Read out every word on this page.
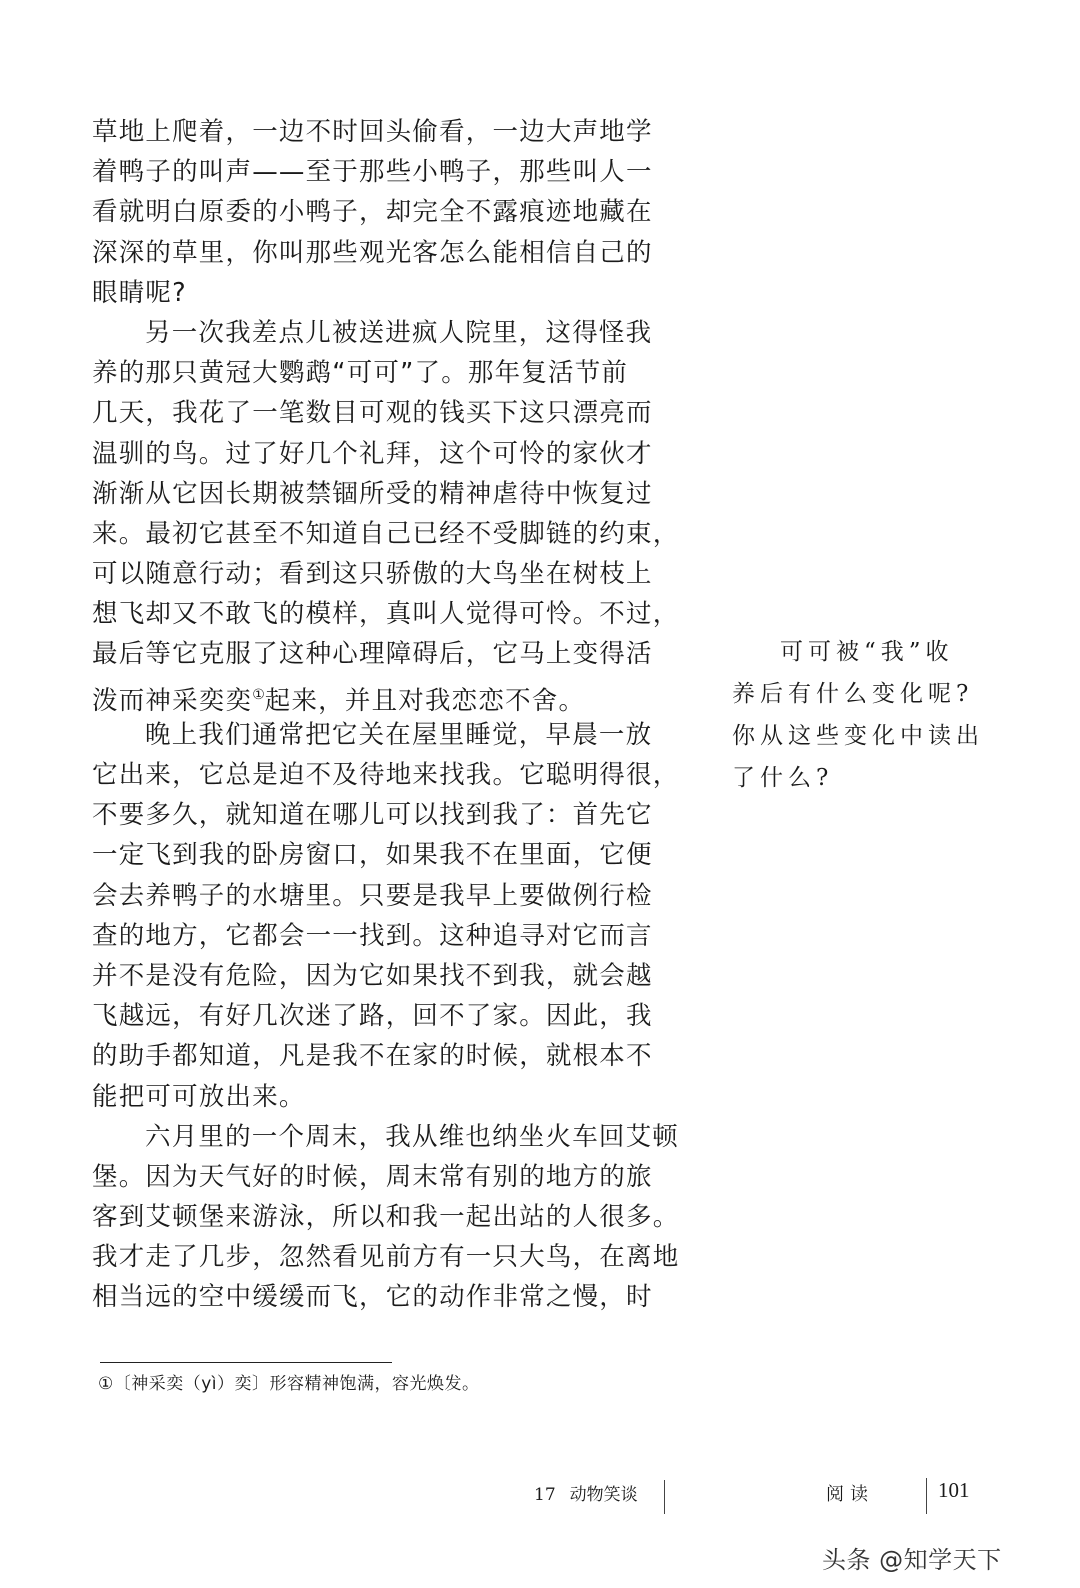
草地上爬着，一边不时回头偷看，一边大声地学
着鸭子的叫声——至于那些小鸭子，那些叫人一
看就明白原委的小鸭子，却完全不露痕迹地藏在
深深的草里，你叫那些观光客怎么能相信自己的
眼睛呢?
另一次我差点儿被送进疯人院里，这得怪我
养的那只黄冠大鹦鹉“可可”了。那年复活节前
几天，我花了一笔数目可观的钱买下这只漂亮而
温驯的鸟。过了好几个礼拜，这个可怜的家伙才
渐渐从它因长期被禁锢所受的精神虐待中恢复过
来。最初它甚至不知道自己已经不受脚链的约束，
可以随意行动；看到这只骄傲的大鸟坐在树枝上
想飞却又不敢飞的模样，真叫人觉得可怜。不过，
最后等它克服了这种心理障碍后，它马上变得活
泼而神采奕奕①起来，并且对我恋恋不舍。
晚上我们通常把它关在屋里睡觉，早晨一放
它出来，它总是迫不及待地来找我。它聪明得很，
不要多久，就知道在哪儿可以找到我了：首先它
一定飞到我的卧房窗口，如果我不在里面，它便
会去养鸭子的水塘里。只要是我早上要做例行检
查的地方，它都会一一找到。这种追寻对它而言
并不是没有危险，因为它如果找不到我，就会越
飞越远，有好几次迷了路，回不了家。因此，我
的助手都知道，凡是我不在家的时候，就根本不
能把可可放出来。
六月里的一个周末，我从维也纳坐火车回艾顿
堡。因为天气好的时候，周末常有别的地方的旅
客到艾顿堡来游泳，所以和我一起出站的人很多。
我才走了几步，忽然看见前方有一只大鸟，在离地
相当远的空中缓缓而飞，它的动作非常之慢，时
可可被“我”收
养后有什么变化呢?
你从这些变化中读出
了什么?
①〔神采奕（yì）奕〕形容精神饱满，容光焕发。
17 动物笑谈	阅读	101
头条 @知学天下
